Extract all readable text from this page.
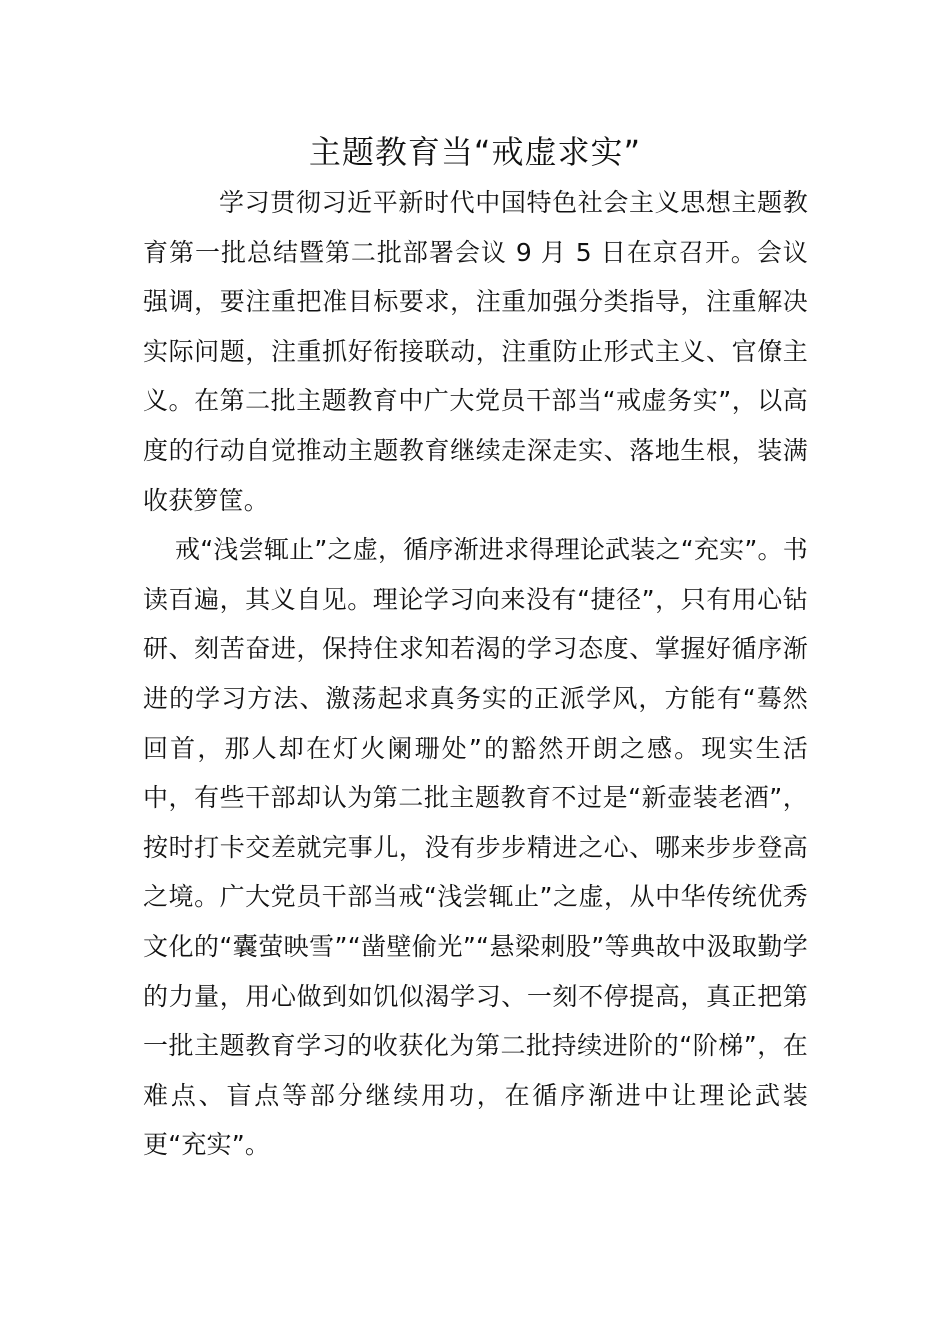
主题教育当“戒虚求实”

学习贯彻习近平新时代中国特色社会主义思想主题教育第一批总结暨第二批部署会议 9 月 5 日在京召开。会议强调，要注重把准目标要求，注重加强分类指导，注重解决实际问题，注重抓好衔接联动，注重防止形式主义、官僚主义。在第二批主题教育中广大党员干部当“戒虚务实”，以高度的行动自觉推动主题教育继续走深走实、落地生根，装满收获箩筐。

戒“浅尝辄止”之虚，循序渐进求得理论武装之“充实”。书读百遍，其义自见。理论学习向来没有“捷径”，只有用心钻研、刻苦奋进，保持住求知若渴的学习态度、掌握好循序渐进的学习方法、激荡起求真务实的正派学风，方能有“蓦然回首，那人却在灯火阑珊处”的豁然开朗之感。现实生活中，有些干部却认为第二批主题教育不过是“新壶装老酒”，按时打卡交差就完事儿，没有步步精进之心、哪来步步登高之境。广大党员干部当戒“浅尝辄止”之虚，从中华传统优秀文化的“囊萤映雪”“凿壁偷光”“悬梁刺股”等典故中汲取勤学的力量，用心做到如饥似渴学习、一刻不停提高，真正把第一批主题教育学习的收获化为第二批持续进阶的“阶梯”，在难点、盲点等部分继续用功，在循序渐进中让理论武装更“充实”。
